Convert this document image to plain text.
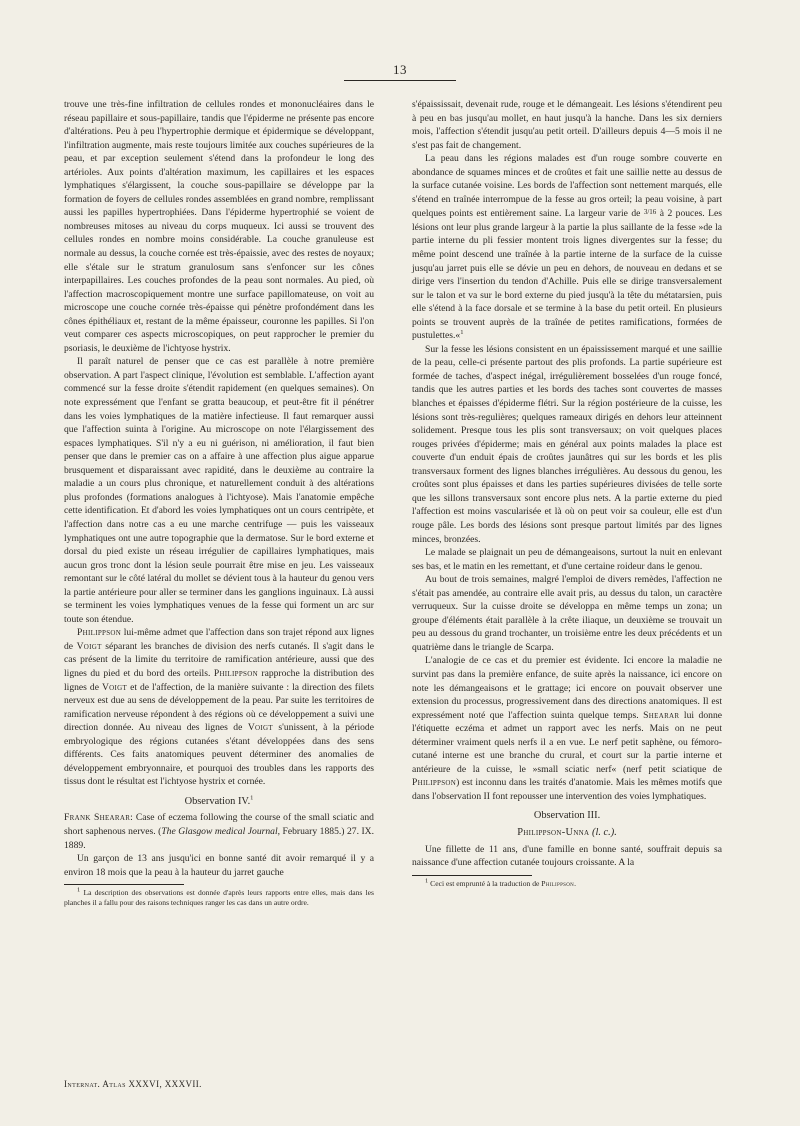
13

trouve une très-fine infiltration de cellules rondes et mononucléaires dans le réseau papillaire et sous-papillaire, tandis que l'épiderme ne présente pas encore d'altérations. Peu à peu l'hypertrophie dermique et épidermique se développant, l'infiltration augmente, mais reste toujours limitée aux couches supérieures de la peau, et par exception seulement s'étend dans la profondeur le long des artérioles. Aux points d'altération maximum, les capillaires et les espaces lymphatiques s'élargissent, la couche sous-papillaire se développe par la formation de foyers de cellules rondes assemblées en grand nombre, remplissant aussi les papilles hypertrophiées. Dans l'épiderme hypertrophié se voient de nombreuses mitoses au niveau du corps muqueux. Ici aussi se trouvent des cellules rondes en nombre moins considérable. La couche granuleuse est normale au dessus, la couche cornée est très-épaissie, avec des restes de noyaux; elle s'étale sur le stratum granulosum sans s'enfoncer sur les cônes interpapillaires. Les couches profondes de la peau sont normales. Au pied, où l'affection macroscopiquement montre une surface papillomateuse, on voit au microscope une couche cornée très-épaisse qui pénètre profondément dans les cônes épithéliaux et, restant de la même épaisseur, couronne les papilles. Si l'on veut comparer ces aspects microscopiques, on peut rapprocher le premier du psoriasis, le deuxième de l'ichtyose hystrix.

Il paraît naturel de penser que ce cas est parallèle à notre première observation. A part l'aspect clinique, l'évolution est semblable. L'affection ayant commencé sur la fesse droite s'étendit rapidement (en quelques semaines). On note expressément que l'enfant se gratta beaucoup, et peut-être fit il pénétrer dans les voies lymphatiques de la matière infectieuse. Il faut remarquer aussi que l'affection suinta à l'origine. Au microscope on note l'élargissement des espaces lymphatiques. S'il n'y a eu ni guérison, ni amélioration, il faut bien penser que dans le premier cas on a affaire à une affection plus aigue apparue brusquement et disparaissant avec rapidité, dans le deuxième au contraire la maladie a un cours plus chronique, et naturellement conduit à des altérations plus profondes (formations analogues à l'ichtyose). Mais l'anatomie empêche cette identification. Et d'abord les voies lymphatiques ont un cours centripète, et l'affection dans notre cas a eu une marche centrifuge — puis les vaisseaux lymphatiques ont une autre topographie que la dermatose. Sur le bord externe et dorsal du pied existe un réseau irrégulier de capillaires lymphatiques, mais aucun gros tronc dont la lésion seule pourrait être mise en jeu. Les vaisseaux remontant sur le côté latéral du mollet se dévient tous à la hauteur du genou vers la partie antérieure pour aller se terminer dans les ganglions inguinaux. Là aussi se terminent les voies lymphatiques venues de la fesse qui forment un arc sur toute son étendue.

Philippson lui-même admet que l'affection dans son trajet répond aux lignes de Voigt séparant les branches de division des nerfs cutanés. Il s'agit dans le cas présent de la limite du territoire de ramification antérieure, aussi que des lignes du pied et du bord des orteils. Philippson rapproche la distribution des lignes de Voigt et de l'affection, de la manière suivante : la direction des filets nerveux est due au sens de développement de la peau. Par suite les territoires de ramification nerveuse répondent à des régions où ce développement a suivi une direction donnée. Au niveau des lignes de Voigt s'unissent, à la période embryologique des régions cutanées s'étant développées dans des sens différents. Ces faits anatomiques peuvent déterminer des anomalies de développement embryonnaire, et pourquoi des troubles dans les rapports des tissus dont le résultat est l'ichtyose hystrix et cornée.

Observation IV.$^1$

Frank Shearar: Case of eczema following the course of the small sciatic and short saphenous nerves. (The Glasgow medical Journal, February 1885.) 27. IX. 1889.

Un garçon de 13 ans jusqu'ici en bonne santé dit avoir remarqué il y a environ 18 mois que la peau à la hauteur du jarret gauche

$^1$ La description des observations est donnée d'après leurs rapports entre elles, mais dans les planches il a fallu pour des raisons techniques ranger les cas dans un autre ordre.

s'épaississait, devenait rude, rouge et le démangeait. Les lésions s'étendirent peu à peu en bas jusqu'au mollet, en haut jusqu'à la hanche. Dans les six derniers mois, l'affection s'étendit jusqu'au petit orteil. D'ailleurs depuis 4—5 mois il ne s'est pas fait de changement.

La peau dans les régions malades est d'un rouge sombre couverte en abondance de squames minces et de croûtes et fait une saillie nette au dessus de la surface cutanée voisine. Les bords de l'affection sont nettement marqués, elle s'étend en traînée interrompue de la fesse au gros orteil; la peau voisine, à part quelques points est entièrement saine. La largeur varie de $^{3/16}$ à 2 pouces. Les lésions ont leur plus grande largeur à la partie la plus saillante de la fesse »de la partie interne du pli fessier montent trois lignes divergentes sur la fesse; du même point descend une traînée à la partie interne de la surface de la cuisse jusqu'au jarret puis elle se dévie un peu en dehors, de nouveau en dedans et se dirige vers l'insertion du tendon d'Achille. Puis elle se dirige transversalement sur le talon et va sur le bord externe du pied jusqu'à la tête du métatarsien, puis elle s'étend à la face dorsale et se termine à la base du petit orteil. En plusieurs points se trouvent auprès de la traînée de petites ramifications, formées de pustulettes.«$^1$

Sur la fesse les lésions consistent en un épaississement marqué et une saillie de la peau, celle-ci présente partout des plis profonds. La partie supérieure est formée de taches, d'aspect inégal, irrégulièrement bosselées d'un rouge foncé, tandis que les autres parties et les bords des taches sont couvertes de masses blanches et épaisses d'épiderme flétri. Sur la région postérieure de la cuisse, les lésions sont très-regulières; quelques rameaux dirigés en dehors leur atteinnent solidement. Presque tous les plis sont transversaux; on voit quelques places rouges privées d'épiderme; mais en général aux points malades la place est couverte d'un enduit épais de croûtes jaunâtres qui sur les bords et les plis transversaux forment des lignes blanches irrégulières. Au dessous du genou, les croûtes sont plus épaisses et dans les parties supérieures divisées de telle sorte que les sillons transversaux sont encore plus nets. A la partie externe du pied l'affection est moins vascularisée et là où on peut voir sa couleur, elle est d'un rouge pâle. Les bords des lésions sont presque partout limités par des lignes minces, bronzées.

Le malade se plaignait un peu de démangeaisons, surtout la nuit en enlevant ses bas, et le matin en les remettant, et d'une certaine roideur dans le genou.

Au bout de trois semaines, malgré l'emploi de divers remèdes, l'affection ne s'était pas amendée, au contraire elle avait pris, au dessus du talon, un caractère verruqueux. Sur la cuisse droite se développa en même temps un zona; un groupe d'éléments était parallèle à la crête iliaque, un deuxième se trouvait un peu au dessous du grand trochanter, un troisième entre les deux précédents et un quatrième dans le triangle de Scarpa.

L'analogie de ce cas et du premier est évidente. Ici encore la maladie ne survint pas dans la première enfance, de suite après la naissance, ici encore on note les démangeaisons et le grattage; ici encore on pouvait observer une extension du processus, progressivement dans des directions anatomiques. Il est expressément noté que l'affection suinta quelque temps. Shearar lui donne l'étiquette eczéma et admet un rapport avec les nerfs. Mais on ne peut déterminer vraiment quels nerfs il a en vue. Le nerf petit saphène, ou fémoro-cutané interne est une branche du crural, et court sur la partie interne et antérieure de la cuisse, le »small sciatic nerf« (nerf petit sciatique de Philippson) est inconnu dans les traités d'anatomie. Mais les mêmes motifs que dans l'observation II font repousser une intervention des voies lymphatiques.

Observation III.
Philippson-Unna (l. c.).

Une fillette de 11 ans, d'une famille en bonne santé, souffrait depuis sa naissance d'une affection cutanée toujours croissante. A la

$^1$ Ceci est emprunté à la traduction de Philippson.

Internat. Atlas XXXVI, XXXVII.
